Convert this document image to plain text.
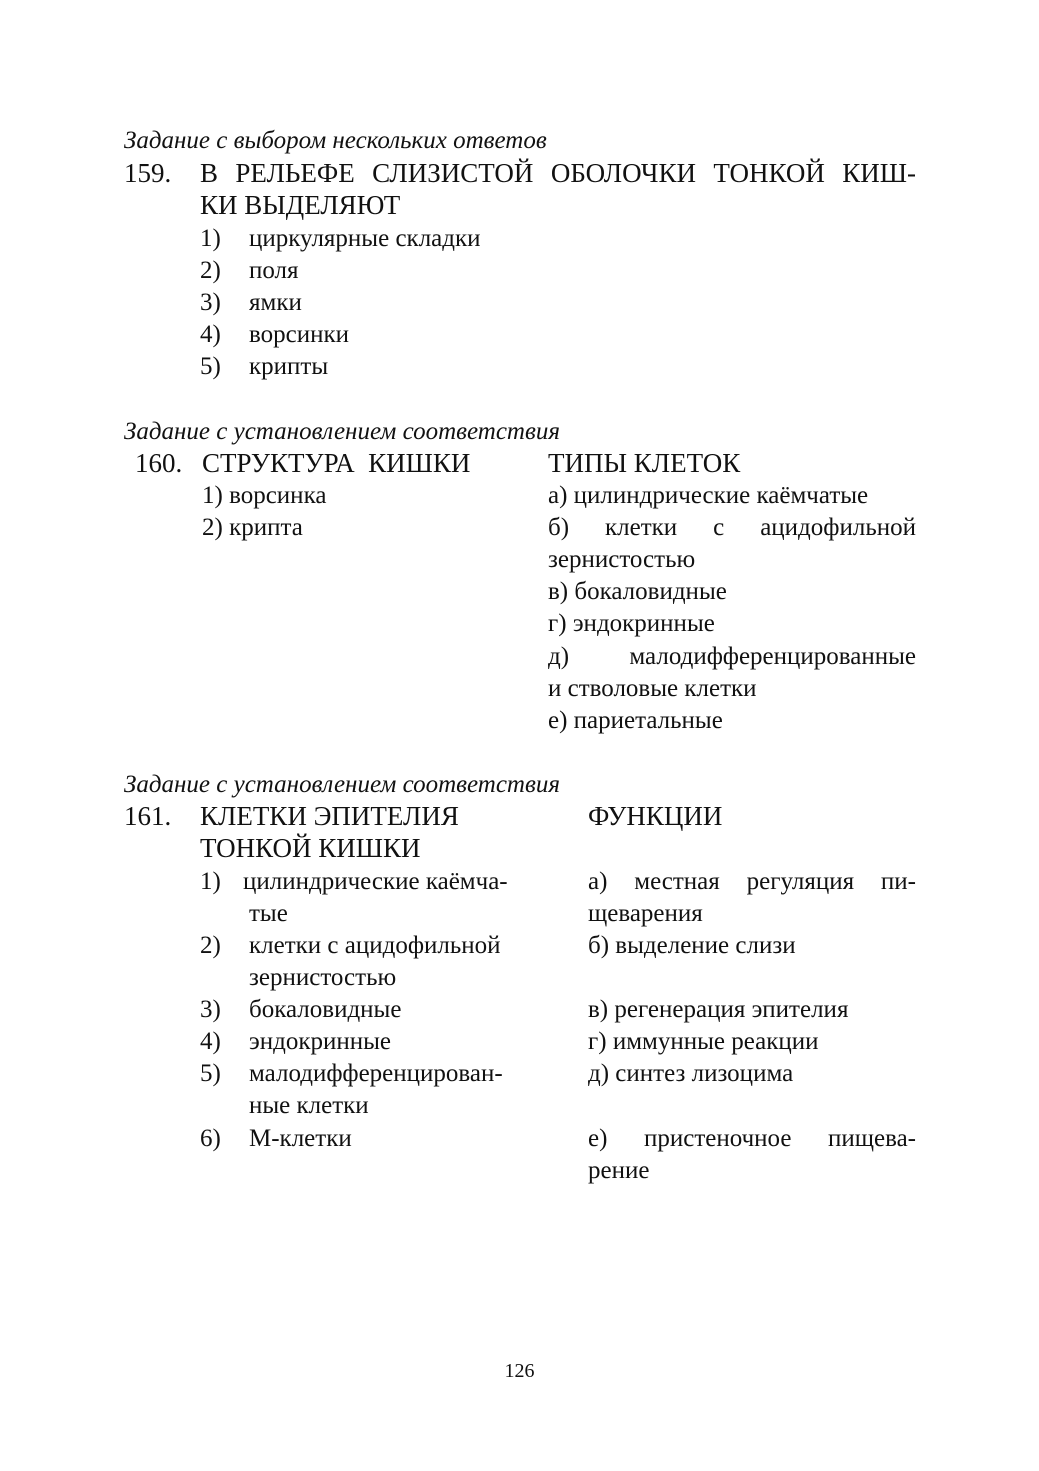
Задание с выбором нескольких ответов
159. В РЕЛЬЕФЕ СЛИЗИСТОЙ ОБОЛОЧКИ ТОНКОЙ КИШ-
КИ ВЫДЕЛЯЮТ
1) циркулярные складки
2) поля
3) ямки
4) ворсинки
5) крипты
Задание с установлением соответствия
160. СТРУКТУРА  КИШКИ	ТИПЫ КЛЕТОК
1) ворсинка
2) крипта
а) цилиндрические каёмчатые
б)   клетки   с   ацидофильной
зернистостью
в) бокаловидные
г) эндокринные
д)   малодифференцированные
и стволовые клетки
е) париетальные
Задание с установлением соответствия
161. КЛЕТКИ ЭПИТЕЛИЯ
ТОНКОЙ КИШКИ
ФУНКЦИИ
1) цилиндрические каёмча-
тые
2) клетки с ацидофильной
зернистостью
3) бокаловидные
4) эндокринные
5) малодифференцирован-
ные клетки
6) М-клетки
а)  местная  регуляция  пи-
щеварения
б) выделение слизи
в) регенерация эпителия
г) иммунные реакции
д) синтез лизоцима
е)   пристеночное   пищева-
рение
126
